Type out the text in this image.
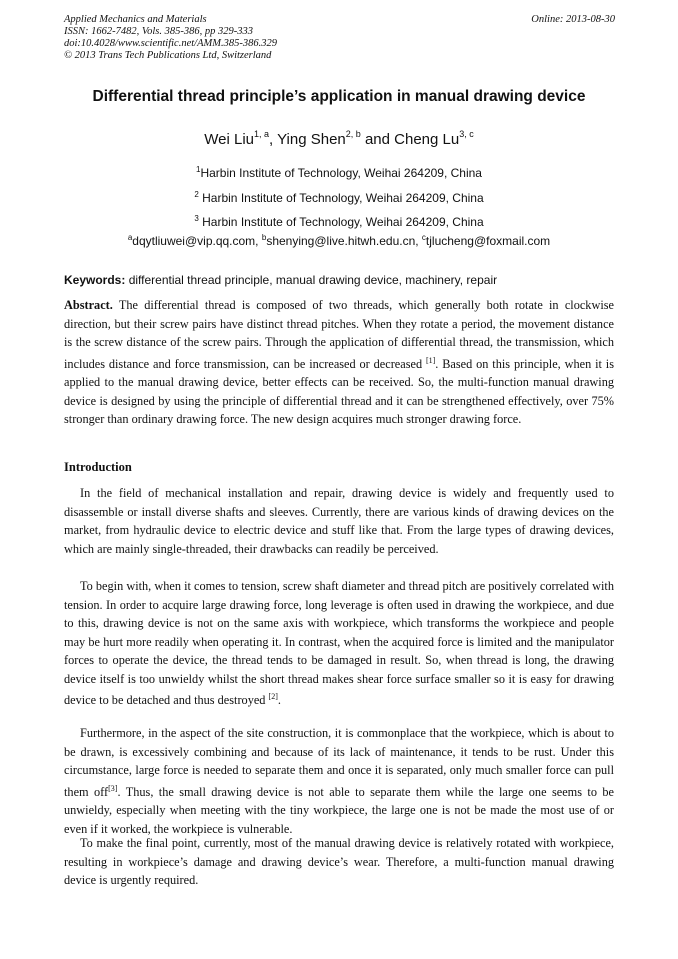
Applied Mechanics and Materials
ISSN: 1662-7482, Vols. 385-386, pp 329-333
doi:10.4028/www.scientific.net/AMM.385-386.329
© 2013 Trans Tech Publications Ltd, Switzerland
Online: 2013-08-30
Differential thread principle’s application in manual drawing device
Wei Liu$^{1, a}$, Ying Shen$^{2, b}$ and Cheng Lu$^{3, c}$
$^1$Harbin Institute of Technology, Weihai 264209, China
$^2$ Harbin Institute of Technology, Weihai 264209, China
$^3$ Harbin Institute of Technology, Weihai 264209, China
$^a$dqytliuwei@vip.qq.com, $^b$shenying@live.hitwh.edu.cn, $^c$tjlucheng@foxmail.com
Keywords: differential thread principle, manual drawing device, machinery, repair
Abstract. The differential thread is composed of two threads, which generally both rotate in clockwise direction, but their screw pairs have distinct thread pitches. When they rotate a period, the movement distance is the screw distance of the screw pairs. Through the application of differential thread, the transmission, which includes distance and force transmission, can be increased or decreased [1]. Based on this principle, when it is applied to the manual drawing device, better effects can be received. So, the multi-function manual drawing device is designed by using the principle of differential thread and it can be strengthened effectively, over 75% stronger than ordinary drawing force. The new design acquires much stronger drawing force.
Introduction
In the field of mechanical installation and repair, drawing device is widely and frequently used to disassemble or install diverse shafts and sleeves. Currently, there are various kinds of drawing devices on the market, from hydraulic device to electric device and stuff like that. From the large types of drawing devices, which are mainly single-threaded, their drawbacks can readily be perceived.
To begin with, when it comes to tension, screw shaft diameter and thread pitch are positively correlated with tension. In order to acquire large drawing force, long leverage is often used in drawing the workpiece, and due to this, drawing device is not on the same axis with workpiece, which transforms the workpiece and people may be hurt more readily when operating it. In contrast, when the acquired force is limited and the manipulator forces to operate the device, the thread tends to be damaged in result. So, when thread is long, the drawing device itself is too unwieldy whilst the short thread makes shear force surface smaller so it is easy for drawing device to be detached and thus destroyed [2].
Furthermore, in the aspect of the site construction, it is commonplace that the workpiece, which is about to be drawn, is excessively combining and because of its lack of maintenance, it tends to be rust. Under this circumstance, large force is needed to separate them and once it is separated, only much smaller force can pull them off[3]. Thus, the small drawing device is not able to separate them while the large one seems to be unwieldy, especially when meeting with the tiny workpiece, the large one is not be made the most use of or even if it worked, the workpiece is vulnerable.
To make the final point, currently, most of the manual drawing device is relatively rotated with workpiece, resulting in workpiece’s damage and drawing device’s wear. Therefore, a multi-function manual drawing device is urgently required.
